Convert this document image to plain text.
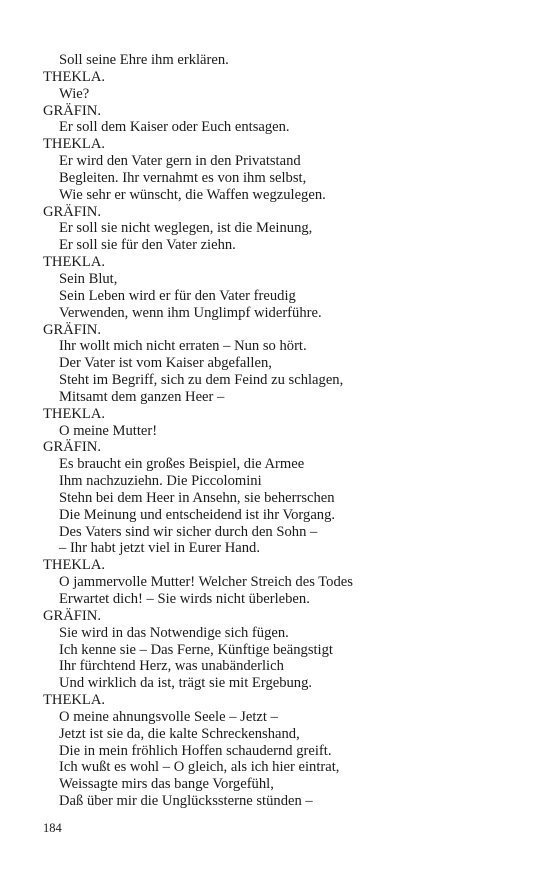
Soll seine Ehre ihm erklären.
THEKLA.
Wie?
GRÄFIN.
Er soll dem Kaiser oder Euch entsagen.
THEKLA.
Er wird den Vater gern in den Privatstand
Begleiten. Ihr vernahmt es von ihm selbst,
Wie sehr er wünscht, die Waffen wegzulegen.
GRÄFIN.
Er soll sie nicht weglegen, ist die Meinung,
Er soll sie für den Vater ziehn.
THEKLA.
Sein Blut,
Sein Leben wird er für den Vater freudig
Verwenden, wenn ihm Unglimpf widerführe.
GRÄFIN.
Ihr wollt mich nicht erraten – Nun so hört.
Der Vater ist vom Kaiser abgefallen,
Steht im Begriff, sich zu dem Feind zu schlagen,
Mitsamt dem ganzen Heer –
THEKLA.
O meine Mutter!
GRÄFIN.
Es braucht ein großes Beispiel, die Armee
Ihm nachzuziehn. Die Piccolomini
Stehn bei dem Heer in Ansehn, sie beherrschen
Die Meinung und entscheidend ist ihr Vorgang.
Des Vaters sind wir sicher durch den Sohn –
– Ihr habt jetzt viel in Eurer Hand.
THEKLA.
O jammervolle Mutter! Welcher Streich des Todes
Erwartet dich! – Sie wirds nicht überleben.
GRÄFIN.
Sie wird in das Notwendige sich fügen.
Ich kenne sie – Das Ferne, Künftige beängstigt
Ihr fürchtend Herz, was unabänderlich
Und wirklich da ist, trägt sie mit Ergebung.
THEKLA.
O meine ahnungsvolle Seele – Jetzt –
Jetzt ist sie da, die kalte Schreckenshand,
Die in mein fröhlich Hoffen schaudernd greift.
Ich wußt es wohl – O gleich, als ich hier eintrat,
Weissagte mirs das bange Vorgefühl,
Daß über mir die Unglückssterne stünden –
184
